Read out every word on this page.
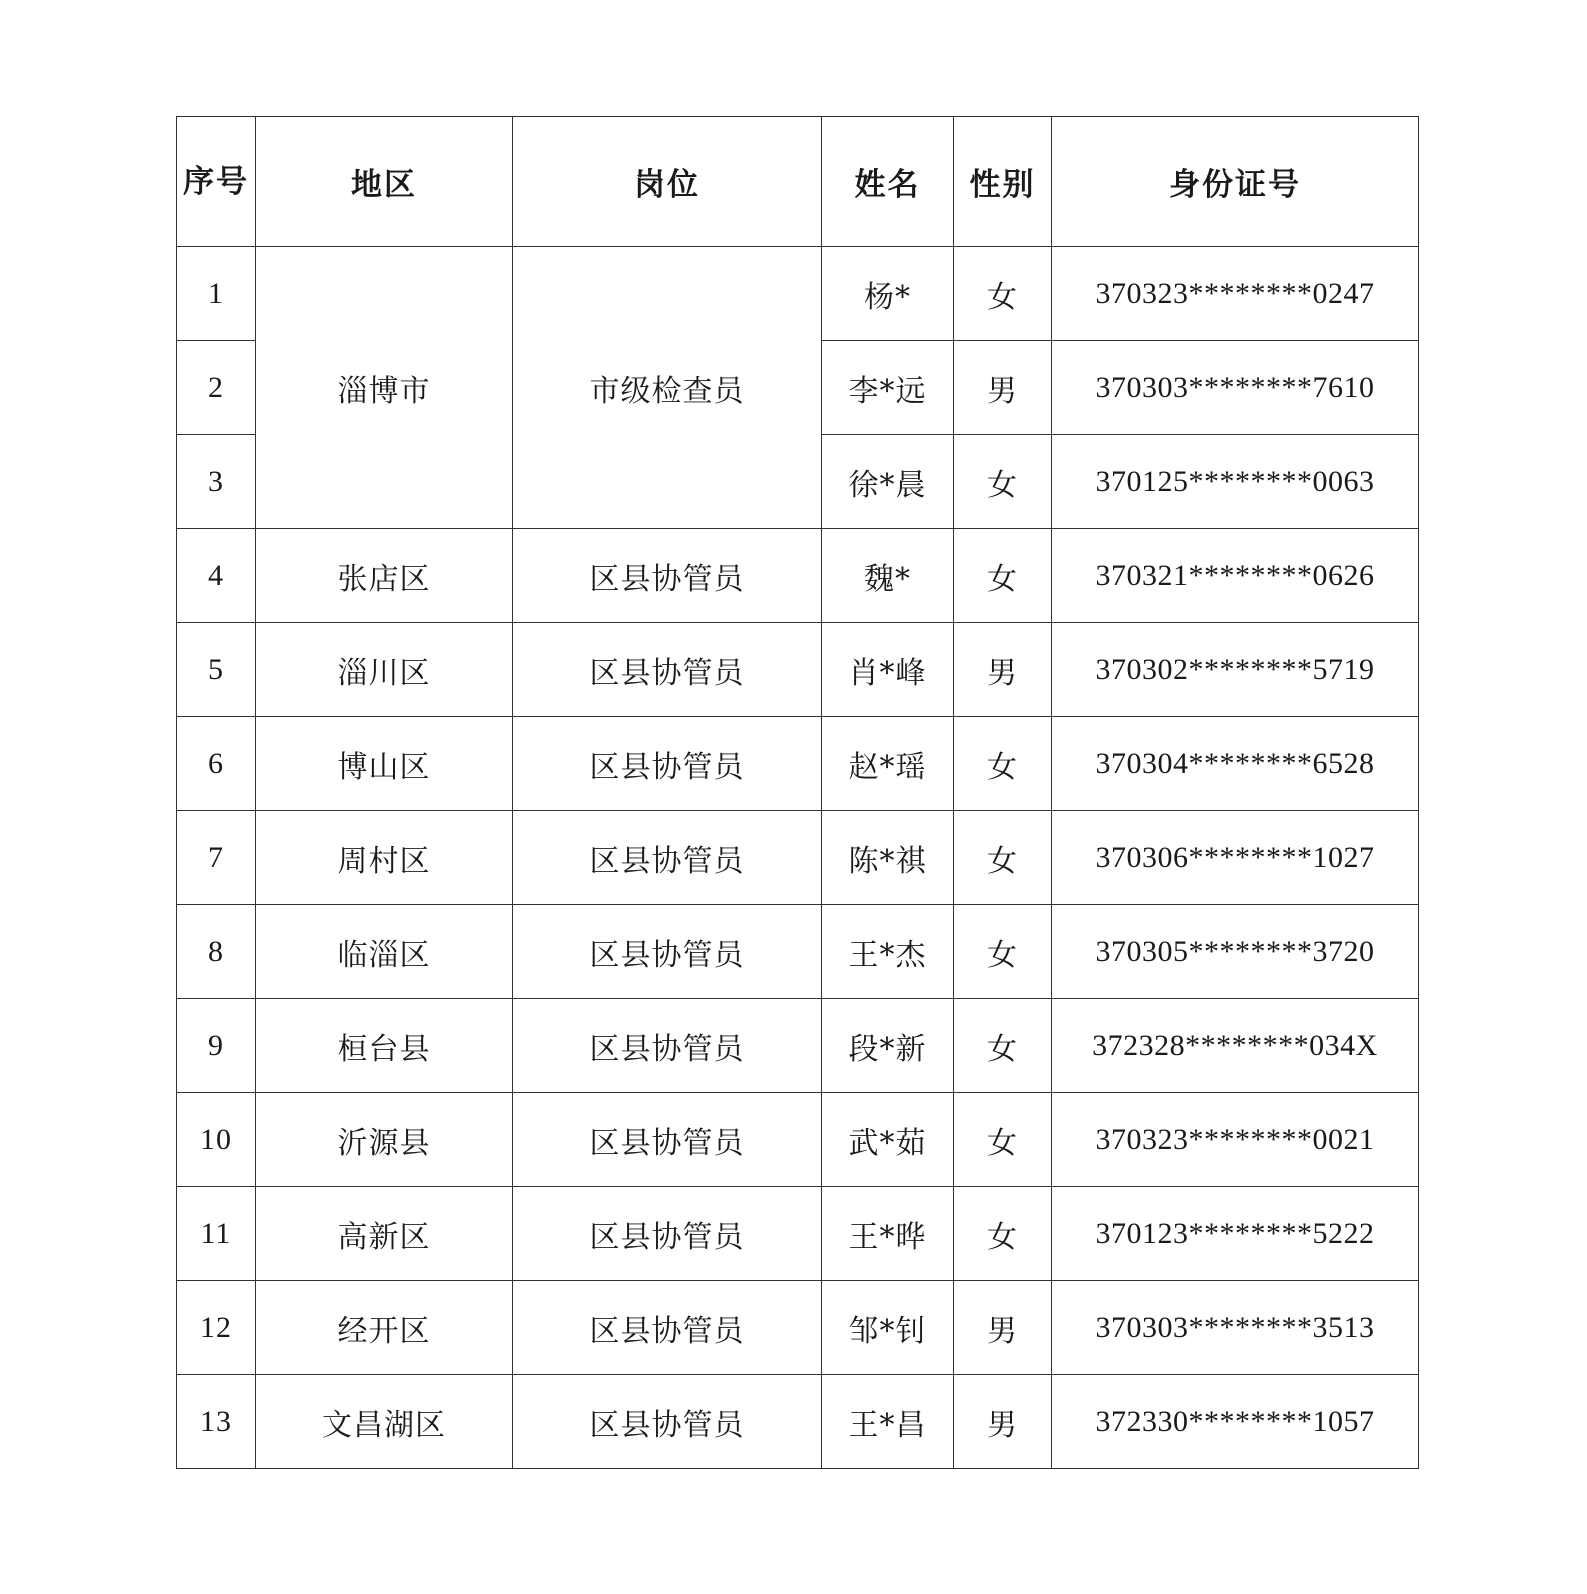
序号	地区	岗位	姓名	性别	身份证号
1	淄博市	市级检查员	杨*	女	370323********0247
2			李*远	男	370303********7610
3			徐*晨	女	370125********0063
4	张店区	区县协管员	魏*	女	370321********0626
5	淄川区	区县协管员	肖*峰	男	370302********5719
6	博山区	区县协管员	赵*瑶	女	370304********6528
7	周村区	区县协管员	陈*祺	女	370306********1027
8	临淄区	区县协管员	王*杰	女	370305********3720
9	桓台县	区县协管员	段*新	女	372328********034X
10	沂源县	区县协管员	武*茹	女	370323********0021
11	高新区	区县协管员	王*晔	女	370123********5222
12	经开区	区县协管员	邹*钊	男	370303********3513
13	文昌湖区	区县协管员	王*昌	男	372330********1057
